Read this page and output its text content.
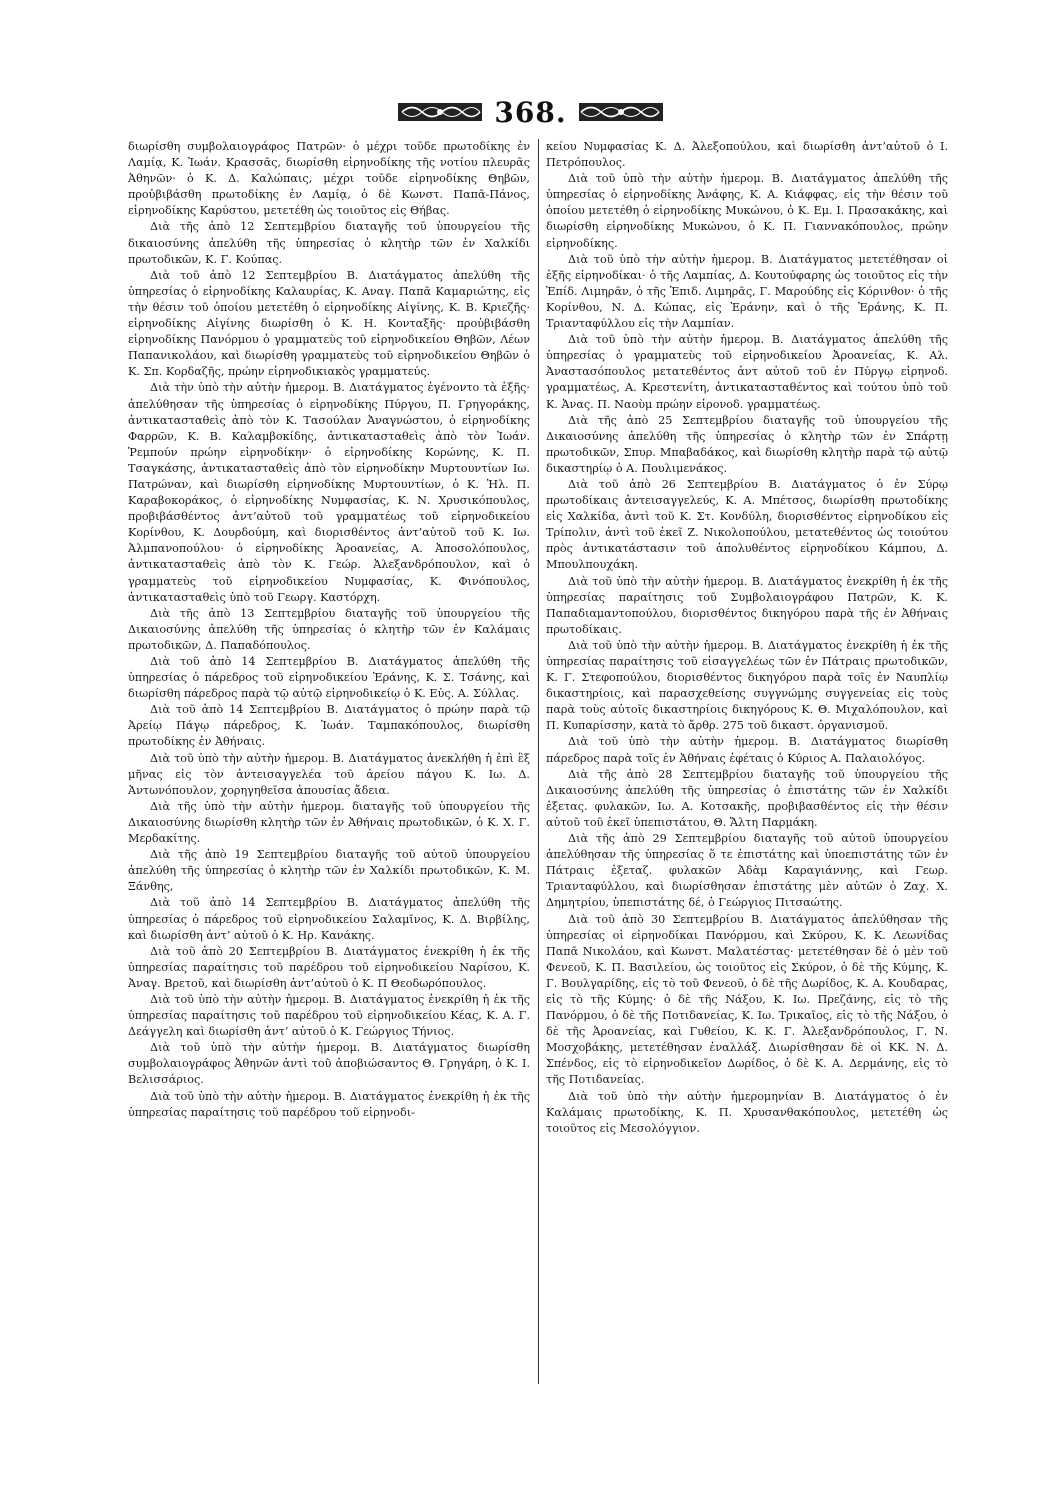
368.

διωρίσθη συμβολαιογράφος Πατρῶν· ὁ μέχρι τοῦδε πρωτοδίκης ἐν Λαμίᾳ, Κ. Ἰωάν. Κρασσᾶς, διωρίσθη εἰρηνοδίκης τῆς νοτίου πλευρᾶς Ἀθηνῶν· ὁ Κ. Δ. Καλώπαις, μέχρι τοῦδε εἰρηνοδίκης Θηβῶν, προὐβιβάσθη πρωτοδίκης ἐν Λαμίᾳ, ὁ δὲ Κωνστ. Παπᾶ-Πάνος, εἰρηνοδίκης Καρύστου, μετετέθη ὡς τοιοῦτος εἰς Θήβας.

Διὰ τῆς ἀπὸ 12 Σεπτεμβρίου διαταγῆς τοῦ ὑπουργείου τῆς δικαιοσύνης ἀπελύθη τῆς ὑπηρεσίας ὁ κλητὴρ τῶν ἐν Χαλκίδι πρωτοδικῶν, Κ. Γ. Κούπας.

Διὰ τοῦ ἀπὸ 12 Σεπτεμβρίου Β. Διατάγματος ἀπελύθη τῆς ὑπηρεσίας ὁ εἰρηνοδίκης Καλαυρίας, Κ. Αναγ. Παπᾶ Καμαριώτης, εἰς τὴν θέσιν τοῦ ὁποίου μετετέθη ὁ εἰρηνοδίκης Αἰγίνης, Κ. Β. Κριεζῆς· εἰρηνοδίκης Αἰγίνης διωρίσθη ὁ Κ. Η. Κονταξῆς· προὐβιβάσθη εἰρηνοδίκης Πανόρμου ὁ γραμματεὺς τοῦ εἰρηνοδικείου Θηβῶν, Λέων Παπανικολάου, καὶ διωρίσθη γραμματεὺς τοῦ εἰρηνοδικείου Θηβῶν ὁ Κ. Σπ. Κορδαζῆς, πρώην εἰρηνοδικιακὸς γραμματεύς.

Διὰ τὴν ὑπὸ τὴν αὐτὴν ἡμερομ. Β. Διατάγματος ἐγένοντο τὰ ἑξῆς· ἀπελύθησαν τῆς ὑπηρεσίας ὁ εἰρηνοδίκης Πύργου, Π. Γρηγοράκης, ἀντικατασταθεὶς ἀπὸ τὸν Κ. Τασούλαν Ἀναγνώστου, ὁ εἰρηνοδίκης Φαρρῶν, Κ. Β. Καλαμβοκίδης, ἀντικατασταθεὶς ἀπὸ τὸν Ἰωάν. Ῥεμπούν πρώην εἰρηνοδίκην· ὁ εἰρηνοδίκης Κορώνης, Κ. Π. Τσαγκάσης, ἀντικατασταθεὶς ἀπὸ τὸν εἰρηνοδίκην Μυρτουντίων Ιω. Πατρώναν, καὶ διωρίσθη εἰρηνοδίκης Μυρτουντίων, ὁ Κ. Ἠλ. Π. Καραβοκοράκος, ὁ εἰρηνοδίκης Νυμφασίας, Κ. Ν. Χρυσικόπουλος, προβιβάσθέντος ἀντ’αὐτοῦ τοῦ γραμματέως τοῦ εἰρηνοδικείου Κορίνθου, Κ. Δουρδούμη, καὶ διορισθέντος ἀντ’αὐτοῦ τοῦ Κ. Ιω. Ἀλμπανοπούλου· ὁ εἰρηνοδίκης Ἀρoανείας, Α. Ἀποσολόπουλος, ἀντικατασταθεὶς ἀπὸ τὸν Κ. Γεώρ. Ἀλεξανδρόπουλον, καὶ ὁ γραμματεὺς τοῦ εἰρηνοδικείου Νυμφασίας, Κ. Φινόπουλος, ἀντικατασταθεὶς ὑπὸ τοῦ Γεωργ. Καστόρχη.

Διὰ τῆς ἀπὸ 13 Σεπτεμβρίου διαταγῆς τοῦ ὑπουργείου τῆς Δικαιοσύνης ἀπελύθη τῆς ὑπηρεσίας ὁ κλητὴρ τῶν ἐν Καλάμαις πρωτοδικῶν, Δ. Παπαδόπουλος.

Διὰ τοῦ ἀπὸ 14 Σεπτεμβρίου Β. Διατάγματος ἀπελύθη τῆς ὑπηρεσίας ὁ πάρεδρος τοῦ εἰρηνοδικείου Ἐράνης, Κ. Σ. Τσάνης, καὶ διωρίσθη πάρεδρος παρὰ τῷ αὐτῷ εἰρηνοδικείῳ ὁ Κ. Εὐς. Α. Σύλλας.

Διὰ τοῦ ἀπὸ 14 Σεπτεμβρίου Β. Διατάγματος ὁ πρώην παρὰ τῷ Ἀρείῳ Πάγῳ πάρεδρος, Κ. Ἰωάν. Ταμπακόπουλος, διωρίσθη πρωτοδίκης ἐν Ἀθήναις.

Διὰ τοῦ ὑπὸ τὴν αὐτὴν ἡμερομ. Β. Διατάγματος ἀνεκλήθη ἡ ἐπὶ ἓξ μῆνας εἰς τὸν ἀντεισαγγελέα τοῦ ἀρείου πάγου Κ. Ιω. Δ. Ἀντωνόπουλον, χορηγηθεῖσα ἀπουσίας ἄδεια.

Διὰ τῆς ὑπὸ τὴν αὐτὴν ἡμερομ. διαταγῆς τοῦ ὑπουργείου τῆς Δικαιοσύνης διωρίσθη κλητὴρ τῶν ἐν Ἀθήναις πρωτοδικῶν, ὁ Κ. Χ. Γ. Μερδακίτης.

Διὰ τῆς ἀπὸ 19 Σεπτεμβρίου διαταγῆς τοῦ αὐτοῦ ὑπουργείου ἀπελύθη τῆς ὑπηρεσίας ὁ κλητὴρ τῶν ἐν Χαλκίδι πρωτοδικῶν, Κ. Μ. Ξάνθης,

Διὰ τοῦ ἀπὸ 14 Σεπτεμβρίου Β. Διατάγματος ἀπελύθη τῆς ὑπηρεσίας ὁ πάρεδρος τοῦ εἰρηνοδικείου Σαλαμῖνος, Κ. Δ. Βιρβίλης, καὶ διωρίσθη ἀντ’ αὐτοῦ ὁ Κ. Ηρ. Κανάκης.

Διὰ τοῦ ἀπὸ 20 Σεπτεμβρίου Β. Διατάγματος ἐνεκρίθη ἡ ἐκ τῆς ὑπηρεσίας παραίτησις τοῦ παρέδρου τοῦ εἰρηνοδικείου Ναρίσου, Κ. Ἀναγ. Βρετοῦ, καὶ διωρίσθη ἀντ’αὐτοῦ ὁ Κ. Π Θεοδωρόπουλος.

Διὰ τοῦ ὑπὸ τὴν αὐτὴν ἡμερομ. Β. Διατάγματος ἐνεκρίθη ἡ ἐκ τῆς ὑπηρεσίας παραίτησις τοῦ παρέδρου τοῦ εἰρηνοδικείου Κέας, Κ. Α. Γ. Δεάγγελη καὶ διωρίσθη ἀντ’ αὐτοῦ ὁ Κ. Γεώργιος Τήνιος.

Διὰ τοῦ ὑπὸ τὴν αὐτὴν ἡμερομ. Β. Διατάγματος διωρίσθη συμβολαιογράφος Ἀθηνῶν ἀντὶ τοῦ ἀποβιώσαντος Θ. Γρηγάρη, ὁ Κ. Ι. Βελισσάριος.

Διὰ τοῦ ὑπὸ τὴν αὐτὴν ἡμερομ. Β. Διατάγματος ἐνεκρίθη ἡ ἐκ τῆς ὑπηρεσίας παραίτησις τοῦ παρέδρου τοῦ εἰρηνοδι-

κείου Νυμφασίας Κ. Δ. Ἀλεξοπούλου, καὶ διωρίσθη ἀντ’αὐτοῦ ὁ Ι. Πετρόπουλος.

Διὰ τοῦ ὑπὸ τὴν αὐτὴν ἡμερομ. Β. Διατάγματος ἀπελύθη τῆς ὑπηρεσίας ὁ εἰρηνοδίκης Ἀνάφης, Κ. Α. Κιάφφας, εἰς τὴν θέσιν τοῦ ὁποίου μετετέθη ὁ εἰρηνοδίκης Μυκώνου, ὁ Κ. Εμ. Ι. Πρασακάκης, καὶ διωρίσθη εἰρηνοδίκης Μυκώνου, ὁ Κ. Π. Γιαννακόπουλος, πρώην εἰρηνοδίκης.

Διὰ τοῦ ὑπὸ τὴν αὐτὴν ἡμερομ. Β. Διατάγματος μετετέθησαν οἱ ἑξῆς εἰρηνοδίκαι· ὁ τῆς Λαμπίας, Δ. Κουτούφαρης ὡς τοιοῦτος εἰς τὴν Ἐπίδ. Λιμηρᾶν, ὁ τῆς Ἐπιδ. Λιμηρᾶς, Γ. Μαρούδης εἰς Κόρινθον· ὁ τῆς Κορίνθου, Ν. Δ. Κώπας, εἰς Ἐράνην, καὶ ὁ τῆς Ἐράνης, Κ. Π. Τριανταφύλλου εἰς τὴν Λαμπίαν.

Διὰ τοῦ ὑπὸ τὴν αὐτὴν ἡμερομ. Β. Διατάγματος ἀπελύθη τῆς ὑπηρεσίας ὁ γραμματεὺς τοῦ εἰρηνοδικείου Ἀροανείας, Κ. Αλ. Ἀναστασόπουλος μετατεθέντος ἀντ αὐτοῦ τοῦ ἐν Πύργῳ εἰρηνοδ. γραμματέως, Α. Κρεστενίτη, ἀντικατασταθέντος καὶ τούτου ὑπὸ τοῦ Κ. Ἀνας. Π. Ναοὺμ πρώην εἰρονοδ. γραμματέως.

Διὰ τῆς ἀπὸ 25 Σεπτεμβρίου διαταγῆς τοῦ ὑπουργείου τῆς Δικαιοσύνης ἀπελύθη τῆς ὑπηρεσίας ὁ κλητὴρ τῶν ἐν Σπάρτῃ πρωτοδικῶν, Σπυρ. Μπαβαδάκος, καὶ διωρίσθη κλητὴρ παρὰ τῷ αὐτῷ δικαστηρίῳ ὁ Α. Πουλιμενάκος.

Διὰ τοῦ ἀπὸ 26 Σεπτεμβρίου Β. Διατάγματος ὁ ἐν Σύρῳ πρωτοδίκαις ἀντεισαγγελεύς, Κ. Α. Μπέτσος, διωρίσθη πρωτοδίκης εἰς Χαλκίδα, ἀντὶ τοῦ Κ. Στ. Κονδύλη, διορισθέντος εἰρηνοδίκου εἰς Τρίπολιν, ἀντὶ τοῦ ἐκεῖ Ζ. Νικολοπούλου, μετατεθέντος ὡς τοιούτου πρὸς ἀντικατάστασιν τοῦ ἀπολυθέντος εἰρηνοδίκου Κάμπου, Δ. Μπουλπουχάκη.

Διὰ τοῦ ὑπὸ τὴν αὐτὴν ἡμερομ. Β. Διατάγματος ἐνεκρίθη ἡ ἐκ τῆς ὑπηρεσίας παραίτησις τοῦ Συμβολαιογράφου Πατρῶν, Κ. Κ. Παπαδιαμαντοπούλου, διορισθέντος δικηγόρου παρὰ τῆς ἐν Ἀθήναις πρωτοδίκαις.

Διὰ τοῦ ὑπὸ τὴν αὐτὴν ἡμερομ. Β. Διατάγματος ἐνεκρίθη ἡ ἐκ τῆς ὑπηρεσίας παραίτησις τοῦ εἰσαγγελέως τῶν ἐν Πάτραις πρωτοδικῶν, Κ. Γ. Στεφοπούλου, διορισθέντος δικηγόρου παρὰ τοῖς ἐν Ναυπλίῳ δικαστηρίοις, καὶ παρασχεθείσης συγγνώμης συγγενείας εἰς τοὺς παρὰ τοὺς αὐτοῖς δικαστηρίοις δικηγόρους Κ. Θ. Μιχαλόπουλον, καὶ Π. Κυπαρίσσην, κατὰ τὸ ἄρθρ. 275 τοῦ δικαστ. ὀργανισμοῦ.

Διὰ τοῦ ὑπὸ τὴν αὐτὴν ἡμερομ. Β. Διατάγματος διωρίσθη πάρεδρος παρὰ τοῖς ἐν Ἀθήναις ἐφέταις ὁ Κύριος Α. Παλαιολόγος.

Διὰ τῆς ἀπὸ 28 Σεπτεμβρίου διαταγῆς τοῦ ὑπουργείου τῆς Δικαιοσύνης ἀπελύθη τῆς ὑπηρεσίας ὁ ἐπιστάτης τῶν ἐν Χαλκίδι ἐξετας. φυλακῶν, Ιω. Α. Κοτσακῆς, προβιβασθέντος εἰς τὴν θέσιν αὐτοῦ τοῦ ἐκεῖ ὑπεπιστάτου, Θ. Ἄλτη Παρμάκη.

Διὰ τῆς ἀπὸ 29 Σεπτεμβρίου διαταγῆς τοῦ αὐτοῦ ὑπουργείου ἀπελύθησαν τῆς ὑπηρεσίας ὅ τε ἐπιστάτης καὶ ὑποεπιστάτης τῶν ἐν Πάτραις ἐξεταζ. φυλακῶν Ἀδὰμ Καραγιάννης, καὶ Γεωρ. Τριανταφύλλου, καὶ διωρίσθησαν ἐπιστάτης μὲν αὐτῶν ὁ Ζαχ. Χ. Δημητρίου, ὑπεπιστάτης δέ, ὁ Γεώργιος Πιτσαώτης.

Διὰ τοῦ ἀπὸ 30 Σεπτεμβρίου Β. Διατάγματος ἀπελύθησαν τῆς ὑπηρεσίας οἱ εἰρηνοδίκαι Πανόρμου, καὶ Σκύρου, Κ. Κ. Λεωνίδας Παπᾶ Νικολάου, καὶ Κωνστ. Μαλατέστας· μετετέθησαν δὲ ὁ μὲν τοῦ Φενεοῦ, Κ. Π. Βασιλείου, ὡς τοιοῦτος εἰς Σκύρον, ὁ δὲ τῆς Κύμης, Κ. Γ. Βουλγαρίδης, εἰς τὸ τοῦ Φενεοῦ, ὁ δὲ τῆς Δωρίδος, Κ. Α. Κουδαρας, εἰς τὸ τῆς Κύμης· ὁ δὲ τῆς Νάξου, Κ. Ιω. Πρεζάνης, εἰς τὸ τῆς Πανόρμου, ὁ δὲ τῆς Ποτιδανείας, Κ. Ιω. Τρικαῖος, εἰς τὸ τῆς Νάξου, ὁ δὲ τῆς Ἀροανείας, καὶ Γυθείου, Κ. Κ. Γ. Ἀλεξανδρόπουλος, Γ. Ν. Μοσχοβάκης, μετετέθησαν ἐναλλάξ. Διωρίσθησαν δὲ οἱ ΚΚ. Ν. Δ. Σπένδος, εἰς τὸ εἰρηνοδικεῖον Δωρίδος, ὁ δὲ Κ. Α. Δερμάνης, εἰς τὸ τῆς Ποτιδανείας.

Διὰ τοῦ ὑπὸ τὴν αὐτὴν ἡμερομηνίαν Β. Διατάγματος ὁ ἐν Καλάμαις πρωτοδίκης, Κ. Π. Χρυσανθακόπουλος, μετετέθη ὡς τοιοῦτος εἰς Μεσολόγγιον.
